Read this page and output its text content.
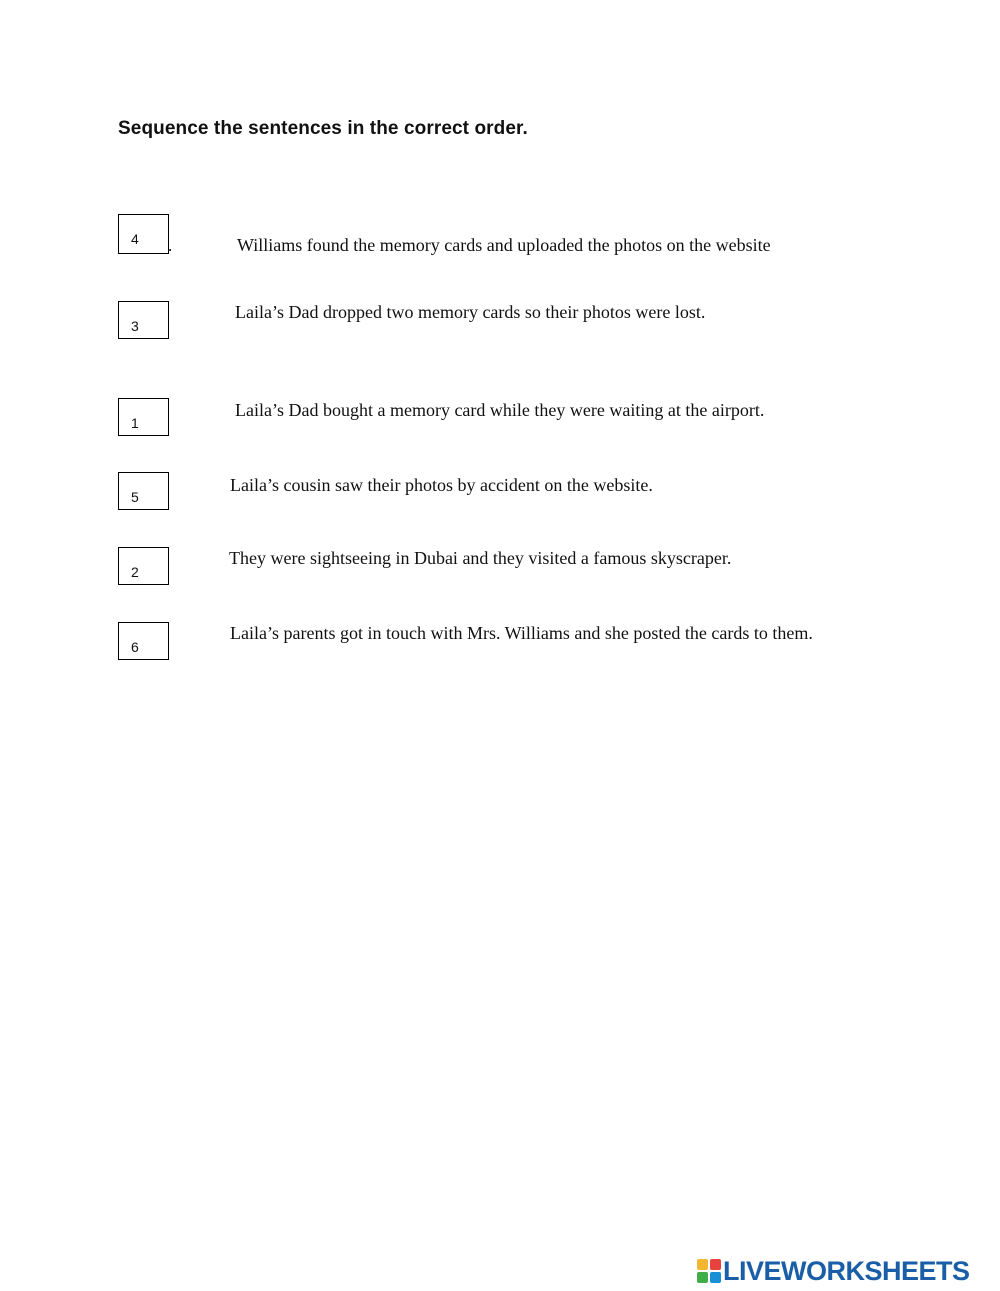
Sequence the sentences in the correct order.
4
.	Williams found the memory cards and uploaded the photos on the website
3
Laila’s Dad dropped two memory cards so their photos were lost.
1
Laila’s Dad bought a memory card while they were waiting at the airport.
5
Laila’s cousin saw their photos by accident on the website.
2
They were sightseeing in Dubai and they visited a famous skyscraper.
6
Laila’s parents got in touch with Mrs. Williams and she posted the cards to them.
LIVEWORKSHEETS
